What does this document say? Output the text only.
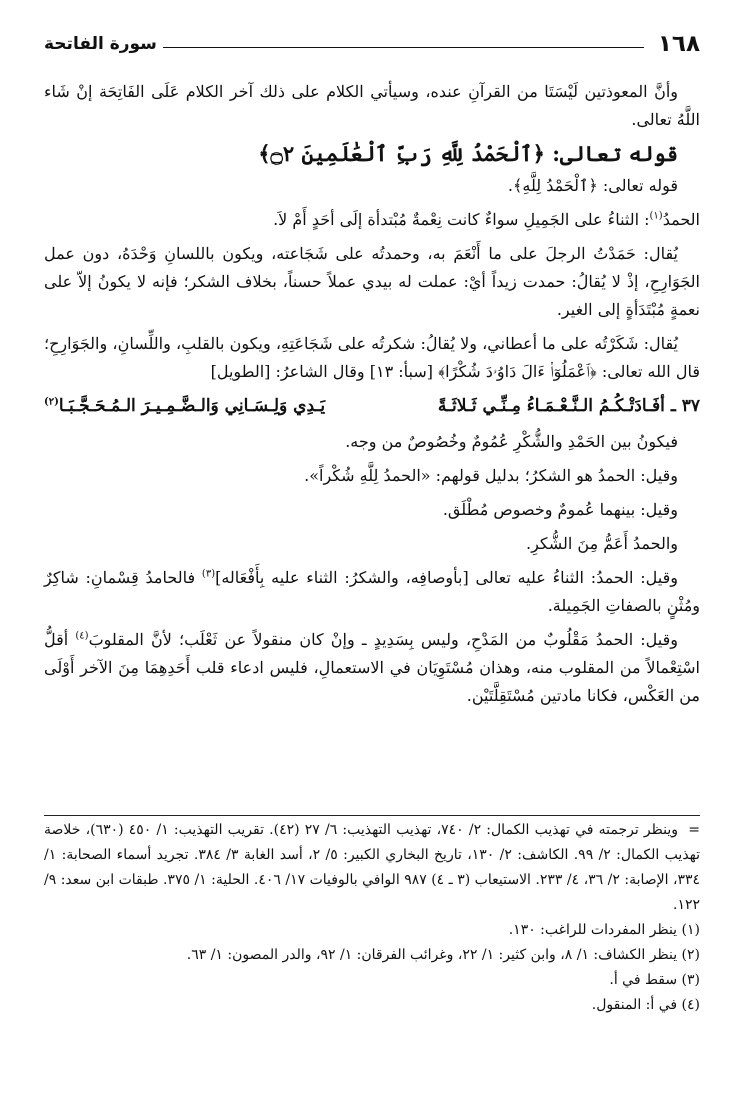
١٦٨
سورة الفاتحة

وأنَّ المعوذتين لَيْسَتَا من القرآنِ عنده، وسيأتي الكلام على ذلك آخر الكلام عَلَى الفَاتِحَة إنْ شَاء اللَّهُ تعالى.

قوله تعالى: ﴿ٱلْحَمْدُ لِلَّهِ رَبِّ ٱلْعَٰلَمِينَ ۝٢﴾

قوله تعالى: ﴿ٱلْحَمْدُ لِلَّهِ﴾.

الحمدُ$^{(١)}$: الثناءُ على الجَمِيلِ سواءٌ كانت نِعْمةٌ مُبْتدأة إلَى أحَدٍ أَمْ لاَ.

يُقال: حَمَدْتُ الرجلَ على ما أَنْعَمَ به، وحمدتُه على شَجَاعته، ويكون باللسانِ وَحْدَهُ، دون عمل الجَوَارِحِ، إذْ لا يُقالُ: حمدت زيداً أيْ: عملت له بيدي عملاً حسناً، بخلاف الشكر؛ فإنه لا يكونُ إلاّ على نعمةٍ مُبْتَدَأةٍ إلى الغير.

يُقال: شَكَرْتُه على ما أعطاني، ولا يُقالُ: شكرتُه على شَجَاعَتِهِ، ويكون بالقلبِ، واللِّسانِ، والجَوَارِحِ؛ قال الله تعالى: ﴿ٱعْمَلُوٓا۟ ءَالَ دَاوُۥدَ شُكْرًا﴾ [سبأ: ١٣] وقال الشاعرُ: [الطويل]

٣٧ ـ
أفَـادَتْـكُـمُ الـنَّـعْـمَـاءُ مِـنِّـي ثَـلاثَـةً
يَـدِي وَلِـسَـانِي وَالـضَّـمِـيـرَ الـمُـحَـجَّـبَـا$^{(٢)}$

فيكونُ بين الحَمْدِ والشُّكْرِ عُمُومٌ وخُصُوصٌ من وجه.

وقيل: الحمدُ هو الشكرُ؛ بدليل قولهم: «الحمدُ لِلَّهِ شُكْراً».

وقيل: بينهما عُمومٌ وخصوص مُطْلَق.

والحمدُ أَعَمُّ مِنَ الشُّكرِ.

وقيل: الحمدُ: الثناءُ عليه تعالى [بأوصافِه، والشكرُ: الثناء عليه بِأَفْعَاله]$^{(٣)}$ فالحامدُ قِسْمانِ: شاكِرٌ ومُثْنٍ بالصفاتِ الجَمِيلة.

وقيل: الحمدُ مَقْلُوبٌ من المَدْحِ، وليس بِسَدِيدٍ ـ وإنْ كان منقولاً عن ثَعْلَب؛ لأنَّ المقلوبَ$^{(٤)}$ أقلُّ اسْتِعْمالاً من المقلوب منه، وهذان مُسْتَوِيَان في الاستعمالِ، فليس ادعاء قلب أَحَدِهِمَا مِنَ الآخر أَوْلَى من العَكْس، فكانا مادتين مُسْتَقِلَّتَيْن.

=وينظر ترجمته في تهذيب الكمال: ٢/ ٧٤٠، تهذيب التهذيب: ٦/ ٢٧ (٤٢). تقريب التهذيب: ١/ ٤٥٠ (٦٣٠)، خلاصة تهذيب الكمال: ٢/ ٩٩. الكاشف: ٢/ ١٣٠، تاريخ البخاري الكبير: ٥/ ٢، أسد الغابة ٣/ ٣٨٤. تجريد أسماء الصحابة: ١/ ٣٣٤، الإصابة: ٢/ ٣٦، ٤/ ٢٣٣. الاستيعاب (٣ ـ ٤) ٩٨٧ الوافي بالوفيات ١٧/ ٤٠٦. الحلية: ١/ ٣٧٥. طبقات ابن سعد: ٩/ ١٢٢.

(١) ينظر المفردات للراغب: ١٣٠.

(٢) ينظر الكشاف: ١/ ٨، وابن كثير: ١/ ٢٢، وغرائب الفرقان: ١/ ٩٢، والدر المصون: ١/ ٦٣.

(٣) سقط في أ.

(٤) في أ: المنقول.
